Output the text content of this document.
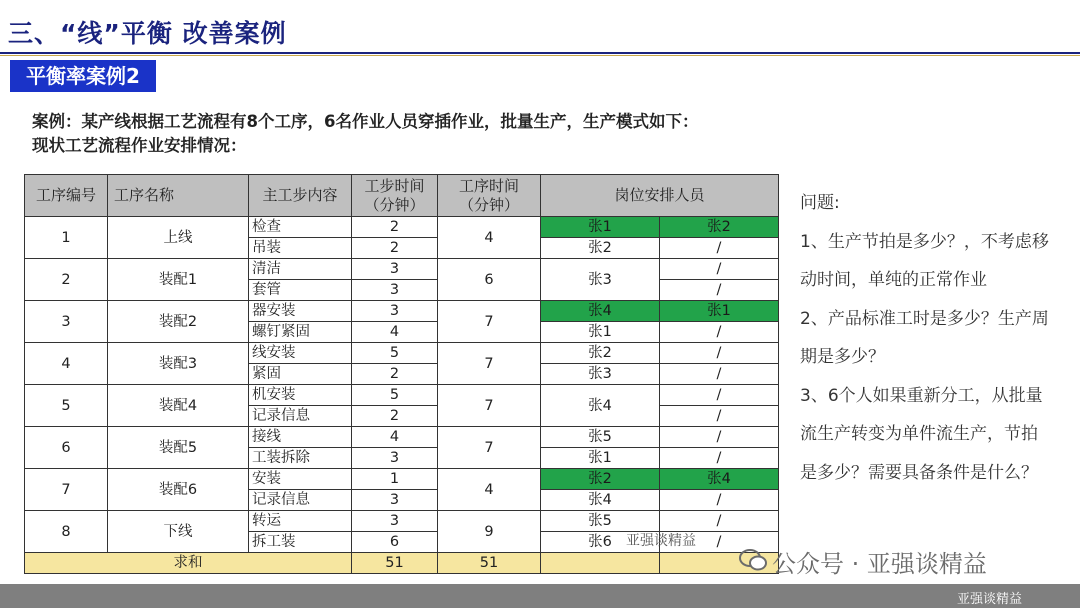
三、“线”平衡 改善案例
平衡率案例2
案例：某产线根据工艺流程有8个工序，6名作业人员穿插作业，批量生产，生产模式如下：
现状工艺流程作业安排情况：
工序编号	工序名称	主工步内容	工步时间
（分钟）	工序时间
（分钟）	岗位安排人员	
1	上线	检查	2	4	张1	张2
		吊装	2		张2	/
2	装配1	清洁	3	6	张3	/
		套管	3			/
3	装配2	器安装	3	7	张4	张1
		螺钉紧固	4		张1	/
4	装配3	线安装	5	7	张2	/
		紧固	2		张3	/
5	装配4	机安装	5	7	张4	/
		记录信息	2			/
6	装配5	接线	4	7	张5	/
		工装拆除	3		张1	/
7	装配6	安装	1	4	张2	张4
		记录信息	3		张4	/
8	下线	转运	3	9	张5	/
		拆工装	6		张6	/
求和			51	51		
问题:
1、生产节拍是多少？，不考虑移动时间，单纯的正常作业
2、产品标准工时是多少？生产周期是多少？
3、6个人如果重新分工，从批量流生产转变为单件流生产，节拍是多少？需要具备条件是什么？
亚强谈精益
公众号 · 亚强谈精益
亚强谈精益
